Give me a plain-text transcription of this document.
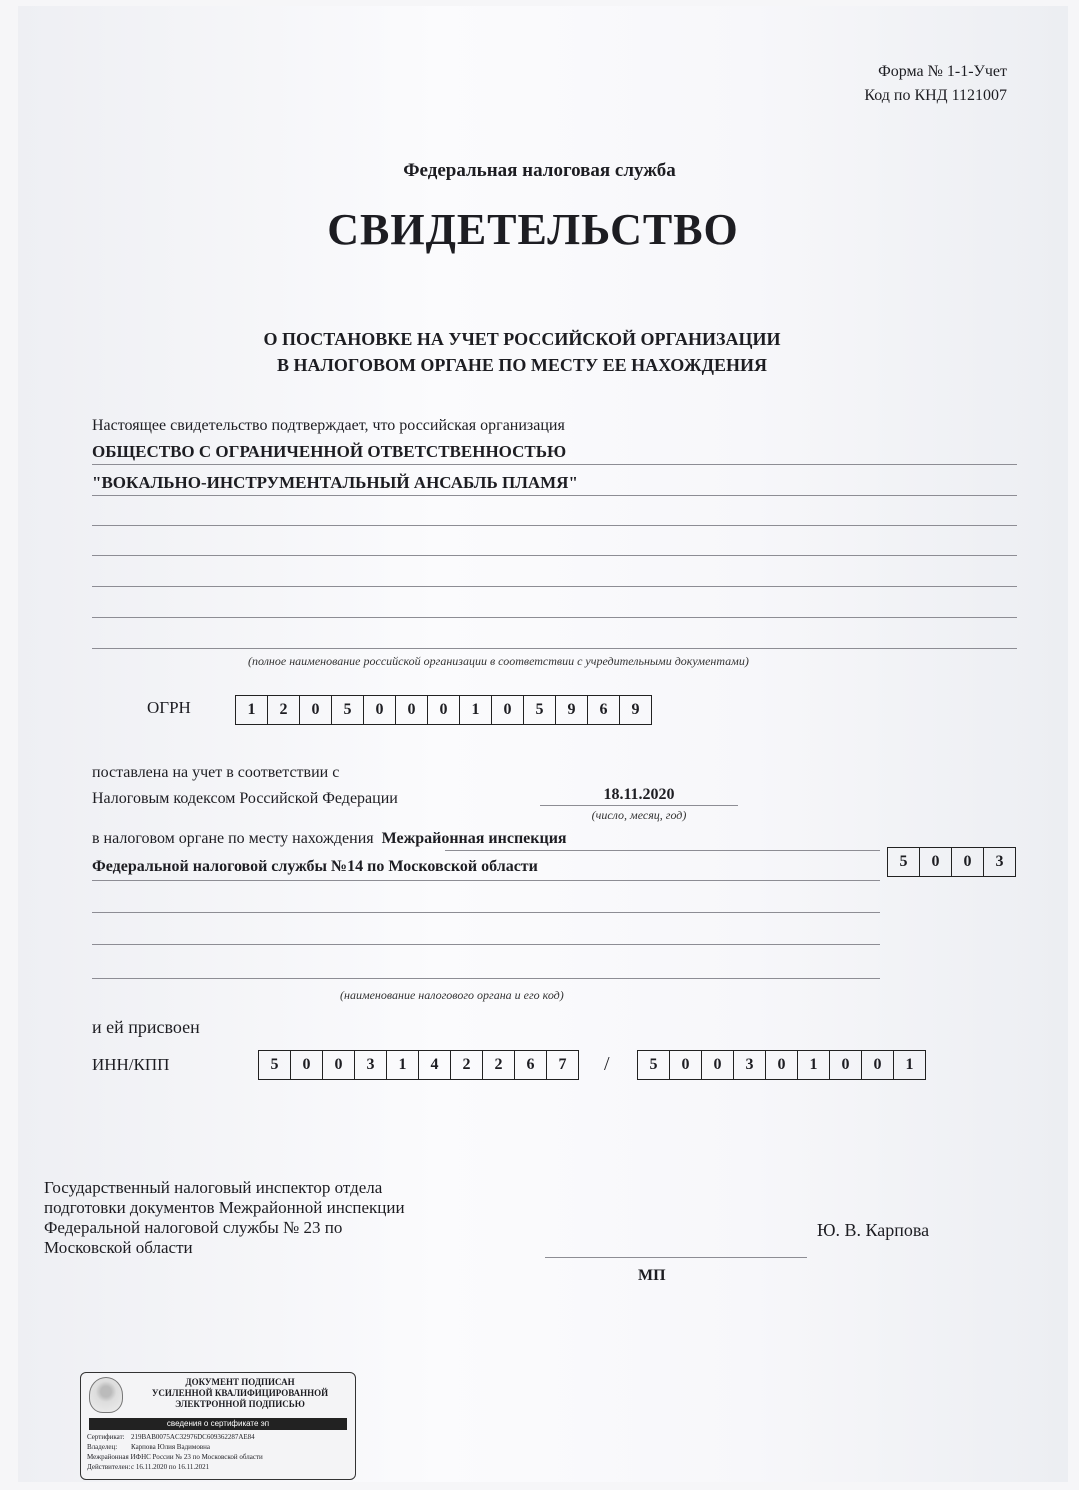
Форма № 1-1-Учет
Код по КНД 1121007
Федеральная налоговая служба
СВИДЕТЕЛЬСТВО
О ПОСТАНОВКЕ НА УЧЕТ РОССИЙСКОЙ ОРГАНИЗАЦИИ
В НАЛОГОВОМ ОРГАНЕ ПО МЕСТУ ЕЕ НАХОЖДЕНИЯ
Настоящее свидетельство подтверждает, что российская организация
ОБЩЕСТВО С ОГРАНИЧЕННОЙ ОТВЕТСТВЕННОСТЬЮ
"ВОКАЛЬНО-ИНСТРУМЕНТАЛЬНЫЙ АНСАБЛЬ ПЛАМЯ"
(полное наименование российской организации в соответствии с учредительными документами)
ОГРН	1	2	0	5	0	0	0	1	0	5	9	6	9
поставлена на учет в соответствии с
Налоговым кодексом Российской Федерации	18.11.2020
(число, месяц, год)
в налоговом органе по месту нахождения Межрайонная инспекция
Федеральной налоговой службы №14 по Московской области	5	0	0	3
(наименование налогового органа и его код)
и ей присвоен
ИНН/КПП	5	0	0	3	1	4	2	2	6	7	/	5	0	0	3	0	1	0	0	1
Государственный налоговый инспектор отдела
подготовки документов Межрайонной инспекции
Федеральной налоговой службы № 23 по
Московской области
Ю. В. Карпова
МП
ДОКУМЕНТ ПОДПИСАН
УСИЛЕННОЙ КВАЛИФИЦИРОВАННОЙ
ЭЛЕКТРОННОЙ ПОДПИСЬЮ
сведения о сертификате эп
Сертификат: 219BAB0075AC32976DC609362287AE84
Владелец: Карпова Юлия Вадимовна
Межрайонная ИФНС России № 23 по Московской области
Действителен:с 16.11.2020 по 16.11.2021
